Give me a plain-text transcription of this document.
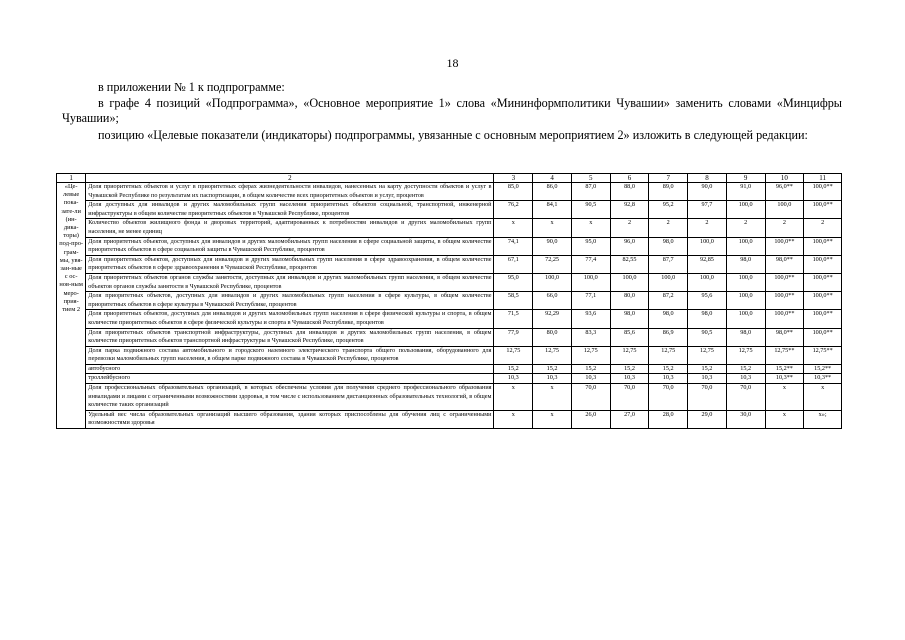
18
в приложении № 1 к подпрограмме:
в графе 4 позиций «Подпрограмма», «Основное мероприятие 1» слова «Мининформполитики Чувашии» заменить словами «Минцифры Чувашии»;
позицию «Целевые показатели (индикаторы) подпрограммы, увязанные с основным мероприятием 2» изложить в следующей редакции:
1	2	3	4	5	6	7	8	9	10	11
«Це-левые пока-зате-ли (ин-дика-торы) под-про-грам-мы, увя-зан-ные с ос-нов-ным меро-прия-тием 2	Доля приоритетных объектов и услуг в приоритетных сферах жизнедеятельности инвалидов, нанесенных на карту доступности объектов и услуг в Чувашской Республике по результатам их паспортизации, в общем количестве всех приоритетных объектов и услуг, процентов	85,0	86,0	87,0	88,0	89,0	90,0	91,0	96,0**	100,0**
	Доля доступных для инвалидов и других маломобильных групп населения приоритетных объектов социальной, транспортной, инженерной инфраструктуры в общем количестве приоритетных объектов в Чувашской Республике, процентов	76,2	84,1	90,5	92,8	95,2	97,7	100,0	100,0	100,0**
	Количество объектов жилищного фонда и дворовых территорий, адаптированных к потребностям инвалидов и других маломобильных групп населения, не менее единиц	x	x	x	2	2	2	2	2	2
	Доля приоритетных объектов, доступных для инвалидов и других маломобильных групп населения в сфере социальной защиты, в общем количестве приоритетных объектов в сфере социальной защиты в Чувашской Республике, процентов	74,1	90,0	95,0	96,0	98,0	100,0	100,0	100,0**	100,0**
	Доля приоритетных объектов, доступных для инвалидов и других маломобильных групп населения в сфере здравоохранения, в общем количестве приоритетных объектов в сфере здравоохранения в Чувашской Республике, процентов	67,1	72,25	77,4	82,55	87,7	92,85	98,0	98,0**	100,0**
	Доля приоритетных объектов органов службы занятости, доступных для инвалидов и других маломобильных групп населения, в общем количестве объектов органов службы занятости в Чувашской Республике, процентов	95,0	100,0	100,0	100,0	100,0	100,0	100,0	100,0**	100,0**
	Доля приоритетных объектов, доступных для инвалидов и других маломобильных групп населения в сфере культуры, в общем количестве приоритетных объектов в сфере культуры в Чувашской Республике, процентов	58,5	66,0	77,1	80,0	87,2	95,6	100,0	100,0**	100,0**
	Доля приоритетных объектов, доступных для инвалидов и других маломобильных групп населения в сфере физической культуры и спорта, в общем количестве приоритетных объектов в сфере физической культуры и спорта в Чувашской Республике, процентов	71,5	92,29	93,6	98,0	98,0	98,0	100,0	100,0**	100,0**
	Доля приоритетных объектов транспортной инфраструктуры, доступных для инвалидов и других маломобильных групп населения, в общем количестве приоритетных объектов транспортной инфраструктуры в Чувашской Республике, процентов	77,9	80,0	83,3	85,6	86,9	90,5	98,0	98,0**	100,0**
	Доля парка подвижного состава автомобильного и городского наземного электрического транспорта общего пользования, оборудованного для перевозки маломобильных групп населения, в общем парке подвижного состава в Чувашской Республике, процентов	12,75	12,75	12,75	12,75	12,75	12,75	12,75	12,75**	12,75**
	автобусного	15,2	15,2	15,2	15,2	15,2	15,2	15,2	15,2**	15,2**
	троллейбусного	10,3	10,3	10,3	10,3	10,3	10,3	10,3	10,3**	10,3**
	Доля профессиональных образовательных организаций, в которых обеспечены условия для получения среднего профессионального образования инвалидами и лицами с ограниченными возможностями здоровья, в том числе с использованием дистанционных образовательных технологий, в общем количестве таких организаций	x	x	70,0	70,0	70,0	70,0	70,0	x	x
	Удельный вес числа образовательных организаций высшего образования, здания которых приспособлены для обучения лиц с ограниченными возможностями здоровья	x	x	26,0	27,0	28,0	29,0	30,0	x	x»;
